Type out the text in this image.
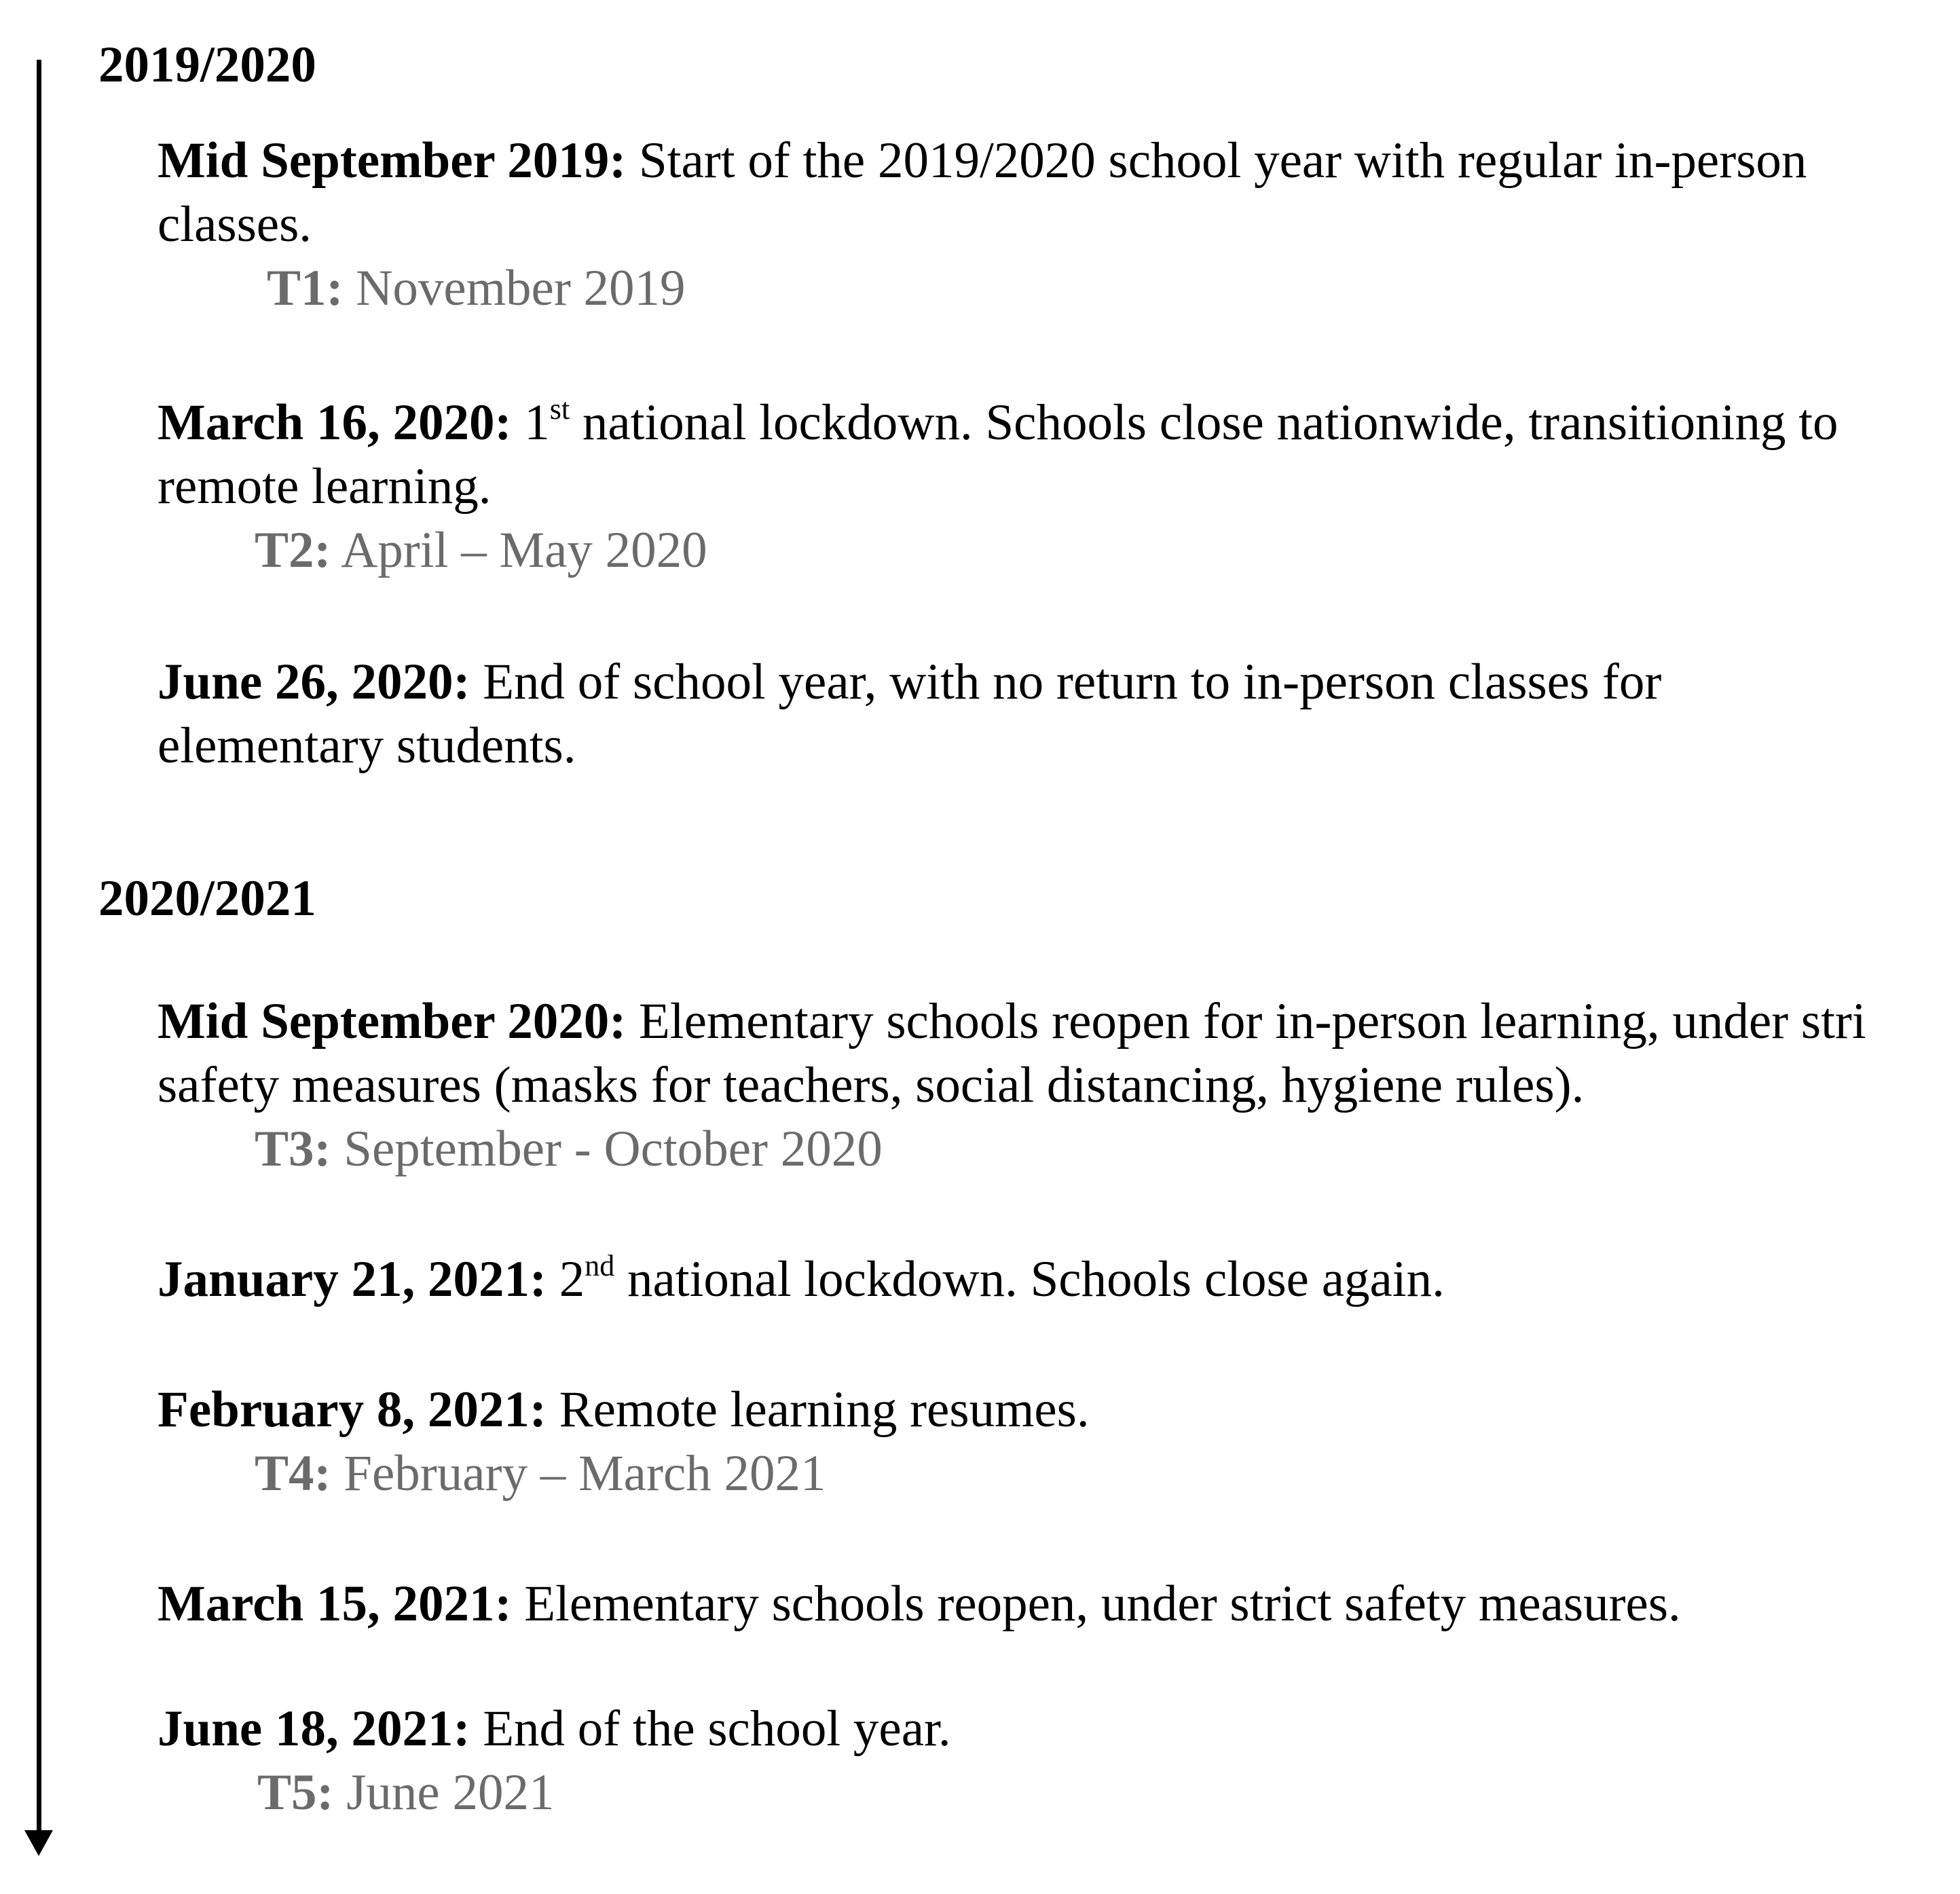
2019/2020
Mid September 2019: Start of the 2019/2020 school year with regular in-person
classes.
T1: November 2019
March 16, 2020: 1st national lockdown. Schools close nationwide, transitioning to
remote learning.
T2: April – May 2020
June 26, 2020: End of school year, with no return to in-person classes for
elementary students.
2020/2021
Mid September 2020: Elementary schools reopen for in-person learning, under stri
safety measures (masks for teachers, social distancing, hygiene rules).
T3: September - October 2020
January 21, 2021: 2nd national lockdown. Schools close again.
February 8, 2021: Remote learning resumes.
T4: February – March 2021
March 15, 2021: Elementary schools reopen, under strict safety measures.
June 18, 2021: End of the school year.
T5: June 2021
